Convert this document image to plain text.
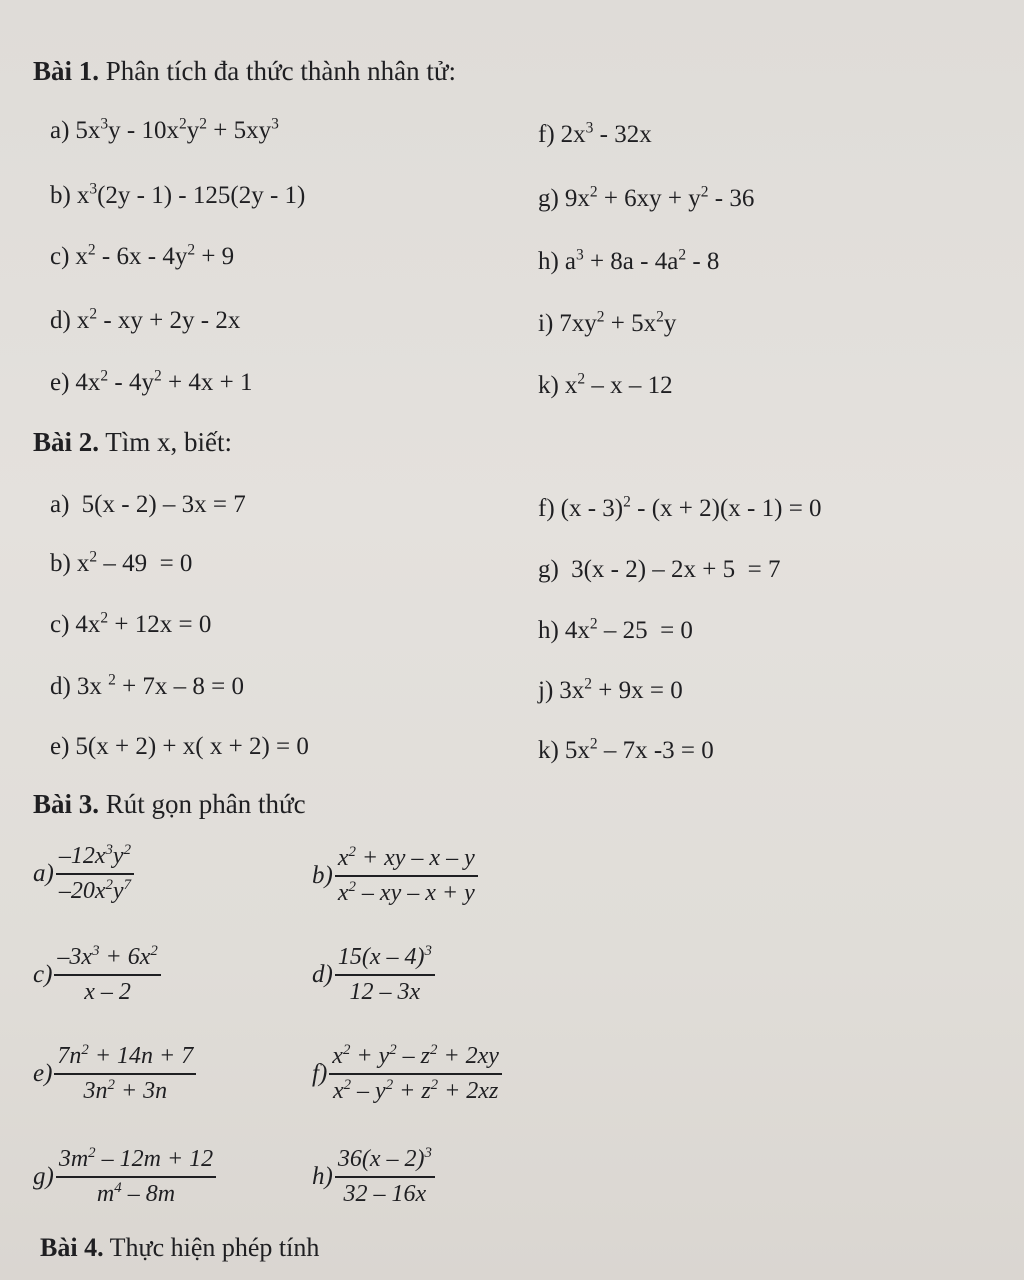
Bài 1. Phân tích đa thức thành nhân tử:
a) $5x^3y - 10x^2y^2 + 5xy^3$
b) $x^3(2y - 1) - 125(2y - 1)$
c) $x^2 - 6x - 4y^2 + 9$
d) $x^2$ - xy + 2y - 2x
e) $4x^2 - 4y^2 + 4x + 1$
f) $2x^3 - 32x$
g) $9x^2 + 6xy + y^2 - 36$
h) $a^3 + 8a - 4a^2 - 8$
i) $7xy^2 + 5x^2y$
k) $x^2$ – x – 12
Bài 2. Tìm x, biết:
a) 5(x - 2) – 3x = 7
b) $x^2 - 49 = 0$
c) $4x^2 + 12x = 0$
d) 3x $^2$ + 7x – 8 = 0
e) 5(x + 2) + x( x + 2) = 0
f) (x - 3)$^2$ - (x + 2)(x - 1) = 0
g) 3(x - 2) – 2x + 5  = 7
h) $4x^2 - 25 = 0$
j) $3x^2 + 9x = 0$
k) $5x^2 - 7x$ -3 = 0
Bài 3. Rút gọn phân thức
$a) \frac{-12x^3y^2}{-20x^2y^7}$	$b) \frac{x^2 + xy - x - y}{x^2 - xy - x + y}$
$c) \frac{-3x^3 + 6x^2}{x - 2}$	$d) \frac{15(x - 4)^3}{12 - 3x}$
$e) \frac{7n^2 + 14n + 7}{3n^2 + 3n}$	$f) \frac{x^2 + y^2 - z^2 + 2xy}{x^2 - y^2 + z^2 + 2xz}$
$g) \frac{3m^2 - 12m + 12}{m^4 - 8m}$	$h) \frac{36(x - 2)^3}{32 - 16x}$
Bài 4. Thực hiện phép tính
